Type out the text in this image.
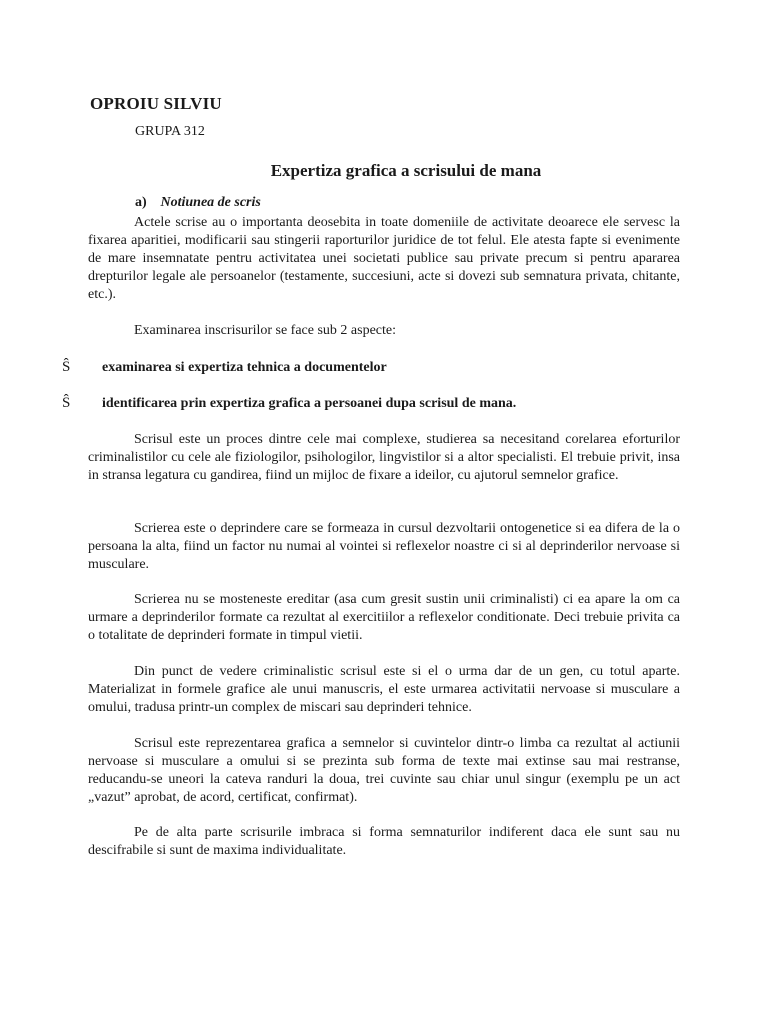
OPROIU SILVIU
GRUPA 312
Expertiza grafica a scrisului de mana
a) Notiunea de scris

Actele scrise au o importanta deosebita in toate domeniile de activitate deoarece ele servesc la fixarea aparitiei, modificarii sau stingerii raporturilor juridice de tot felul. Ele atesta fapte si evenimente de mare insemnatate pentru activitatea unei societati publice sau private precum si pentru apararea drepturilor legale ale persoanelor (testamente, succesiuni, acte si dovezi sub semnatura privata, chitante, etc.).

Examinarea inscrisurilor se face sub 2 aspecte:
Ŝ examinarea si expertiza tehnica a documentelor
Ŝ identificarea prin expertiza grafica a persoanei dupa scrisul de mana.

Scrisul este un proces dintre cele mai complexe, studierea sa necesitand corelarea eforturilor criminalistilor cu cele ale fiziologilor, psihologilor, lingvistilor si a altor specialisti. El trebuie privit, insa in stransa legatura cu gandirea, fiind un mijloc de fixare a ideilor, cu ajutorul semnelor grafice.

Scrierea este o deprindere care se formeaza in cursul dezvoltarii ontogenetice si ea difera de la o persoana la alta, fiind un factor nu numai al vointei si reflexelor noastre ci si al deprinderilor nervoase si musculare.

Scrierea nu se mosteneste ereditar (asa cum gresit sustin unii criminalisti) ci ea apare la om ca urmare a deprinderilor formate ca rezultat al exercitiilor a reflexelor conditionate. Deci trebuie privita ca o totalitate de deprinderi formate in timpul vietii.

Din punct de vedere criminalistic scrisul este si el o urma dar de un gen, cu totul aparte. Materializat in formele grafice ale unui manuscris, el este urmarea activitatii nervoase si musculare a omului, tradusa printr-un complex de miscari sau deprinderi tehnice.

Scrisul este reprezentarea grafica a semnelor si cuvintelor dintr-o limba ca rezultat al actiunii nervoase si musculare a omului si se prezinta sub forma de texte mai extinse sau mai restranse, reducandu-se uneori la cateva randuri la doua, trei cuvinte sau chiar unul singur (exemplu pe un act „vazut” aprobat, de acord, certificat, confirmat).

Pe de alta parte scrisurile imbraca si forma semnaturilor indiferent daca ele sunt sau nu descifrabile si sunt de maxima individualitate.
